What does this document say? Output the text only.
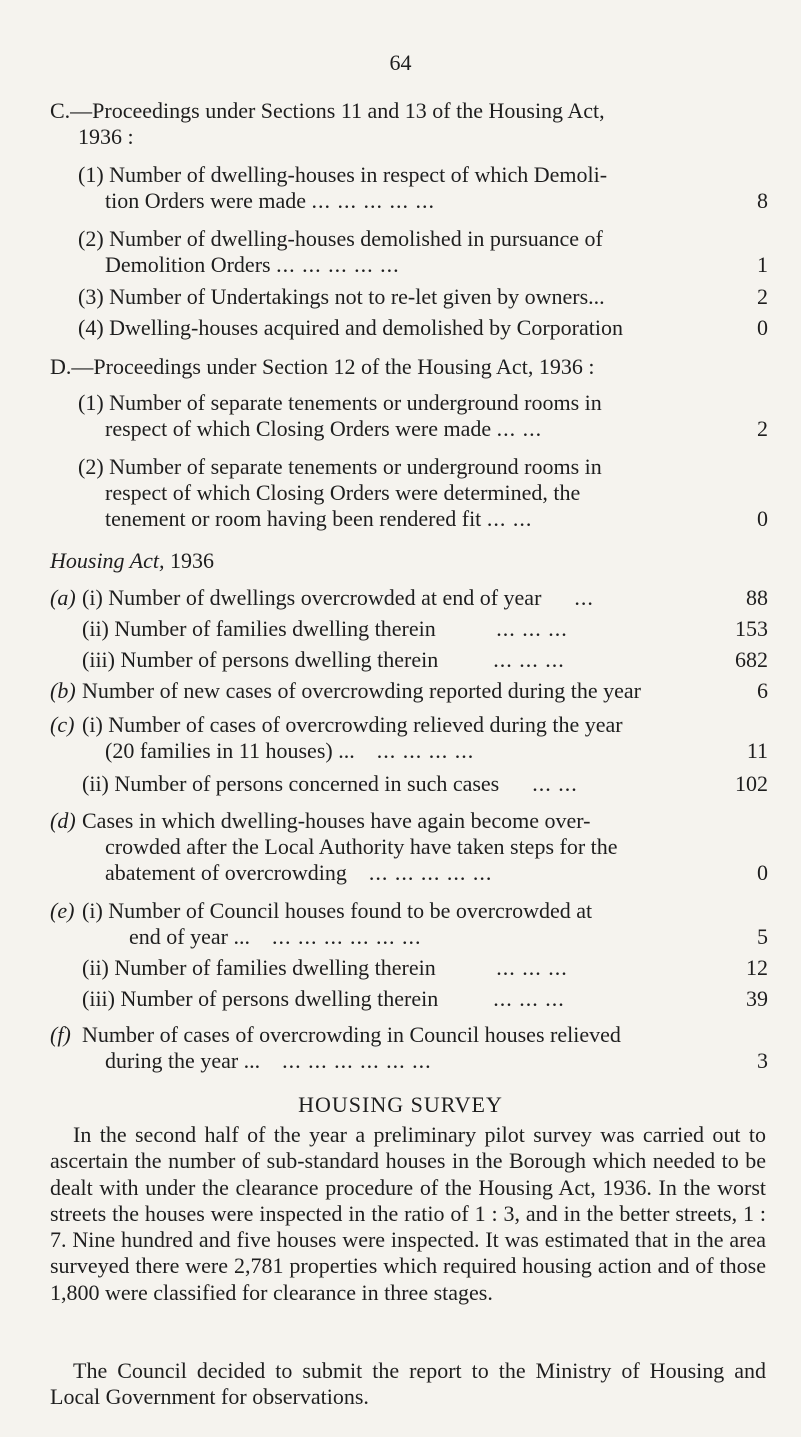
64
C.—Proceedings under Sections 11 and 13 of the Housing Act,
1936 :
(1) Number of dwelling-houses in respect of which Demoli-
tion Orders were made ... ... ... ... ...	8
(2) Number of dwelling-houses demolished in pursuance of
Demolition Orders ... ... ... ... ...	1
(3) Number of Undertakings not to re-let given by owners...	2
(4) Dwelling-houses acquired and demolished by Corporation	0
D.—Proceedings under Section 12 of the Housing Act, 1936 :
(1) Number of separate tenements or underground rooms in
respect of which Closing Orders were made ... ...	2
(2) Number of separate tenements or underground rooms in
respect of which Closing Orders were determined, the
tenement or room having been rendered fit ... ...	0
Housing Act, 1936
(a) (i) Number of dwellings overcrowded at end of year ...	88
(ii) Number of families dwelling therein	... ... ...	153
(iii) Number of persons dwelling therein	... ... ...	682
(b) Number of new cases of overcrowding reported during the year	6
(c) (i) Number of cases of overcrowding relieved during the year
(20 families in 11 houses) ... ... ... ... ...	11
(ii) Number of persons concerned in such cases ... ...	102
(d) Cases in which dwelling-houses have again become over-
crowded after the Local Authority have taken steps for the
abatement of overcrowding ... ... ... ... ...	0
(e) (i) Number of Council houses found to be overcrowded at
end of year ... ... ... ... ... ... ...	5
(ii) Number of families dwelling therein	... ... ...	12
(iii) Number of persons dwelling therein	... ... ...	39
(f) Number of cases of overcrowding in Council houses relieved
during the year ... ... ... ... ... ... ...	3
HOUSING SURVEY
In the second half of the year a preliminary pilot survey was carried out to ascertain the number of sub-standard houses in the Borough which needed to be dealt with under the clearance procedure of the Housing Act, 1936. In the worst streets the houses were inspected in the ratio of 1 : 3, and in the better streets, 1 : 7. Nine hundred and five houses were inspected. It was estimated that in the area surveyed there were 2,781 properties which required housing action and of those 1,800 were classified for clearance in three stages.
The Council decided to submit the report to the Ministry of Housing and Local Government for observations.
